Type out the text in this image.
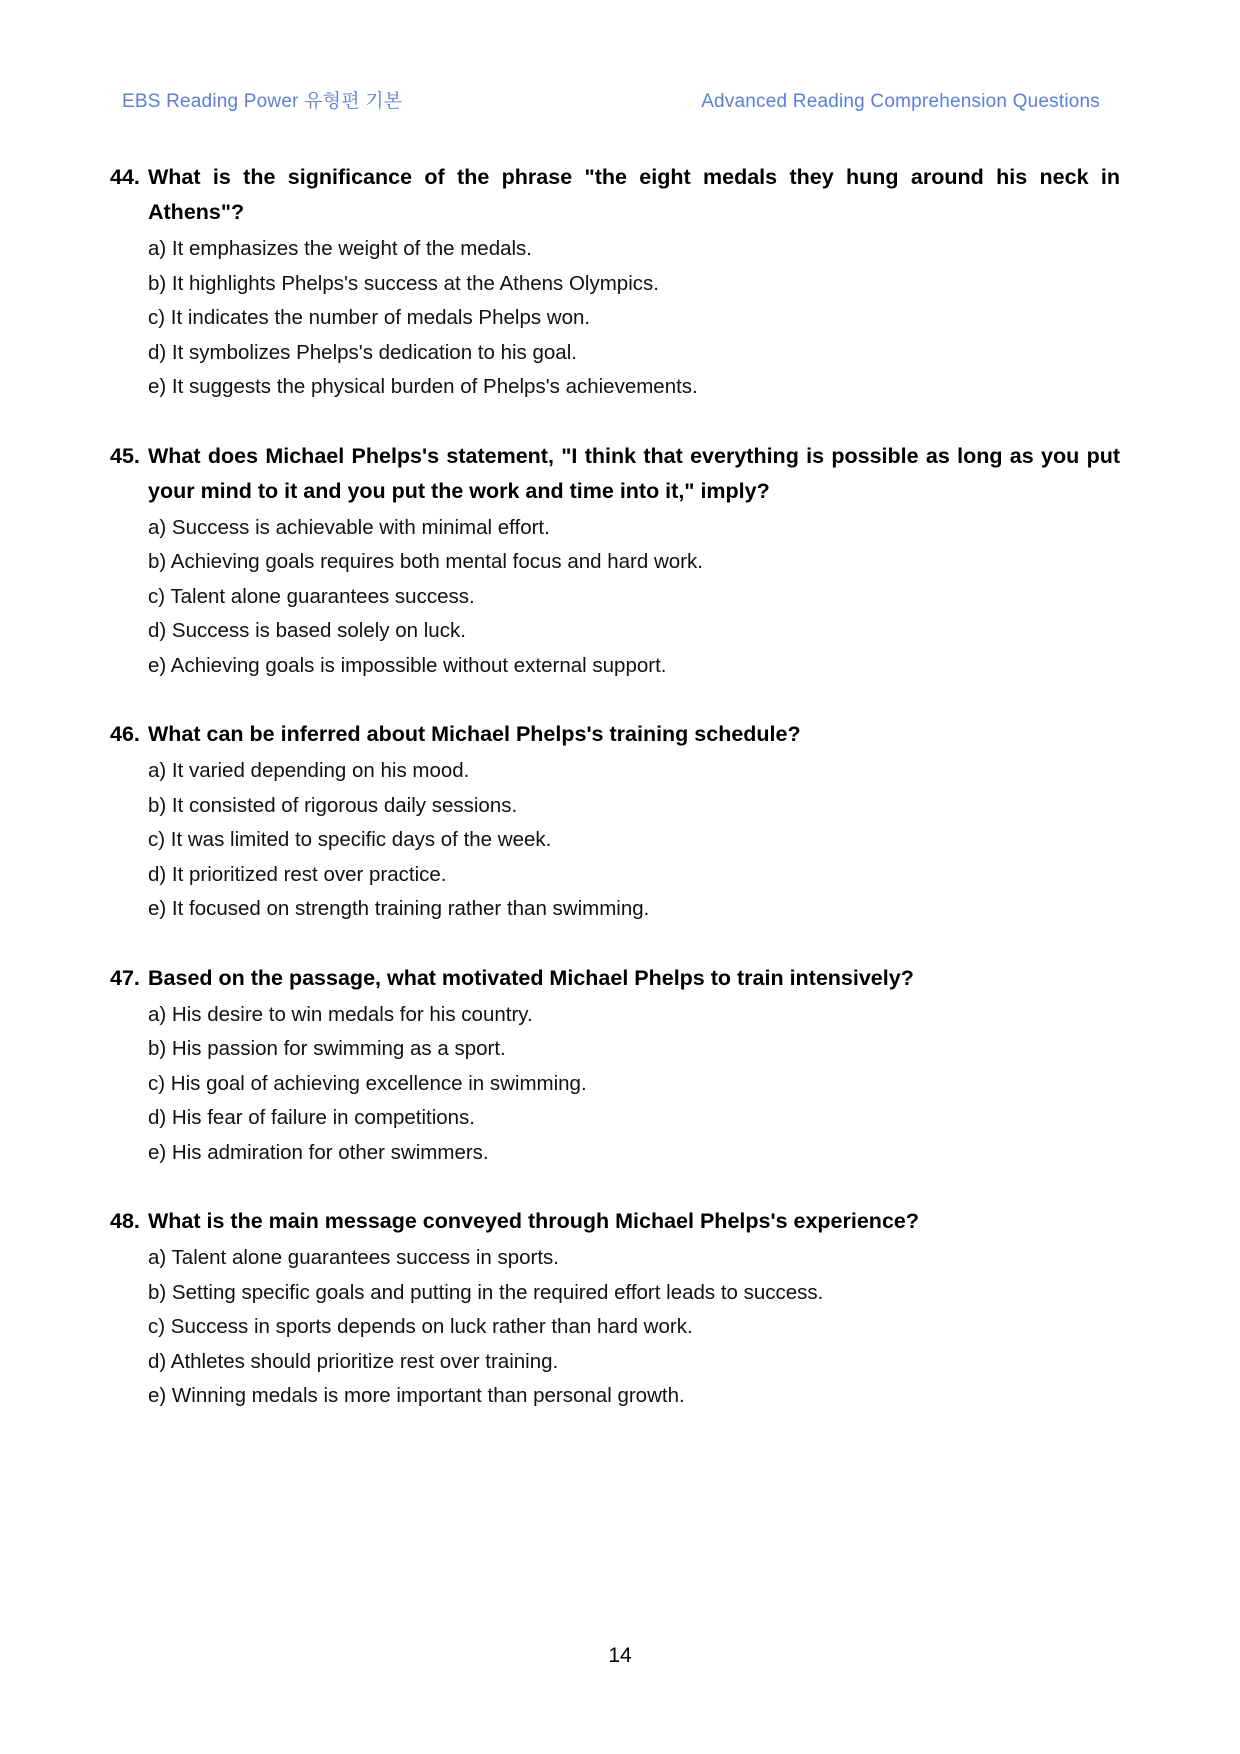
EBS Reading Power 유형편 기본	Advanced Reading Comprehension Questions
44. What is the significance of the phrase "the eight medals they hung around his neck in Athens"?
a) It emphasizes the weight of the medals.
b) It highlights Phelps's success at the Athens Olympics.
c) It indicates the number of medals Phelps won.
d) It symbolizes Phelps's dedication to his goal.
e) It suggests the physical burden of Phelps's achievements.
45. What does Michael Phelps's statement, "I think that everything is possible as long as you put your mind to it and you put the work and time into it," imply?
a) Success is achievable with minimal effort.
b) Achieving goals requires both mental focus and hard work.
c) Talent alone guarantees success.
d) Success is based solely on luck.
e) Achieving goals is impossible without external support.
46. What can be inferred about Michael Phelps's training schedule?
a) It varied depending on his mood.
b) It consisted of rigorous daily sessions.
c) It was limited to specific days of the week.
d) It prioritized rest over practice.
e) It focused on strength training rather than swimming.
47. Based on the passage, what motivated Michael Phelps to train intensively?
a) His desire to win medals for his country.
b) His passion for swimming as a sport.
c) His goal of achieving excellence in swimming.
d) His fear of failure in competitions.
e) His admiration for other swimmers.
48. What is the main message conveyed through Michael Phelps's experience?
a) Talent alone guarantees success in sports.
b) Setting specific goals and putting in the required effort leads to success.
c) Success in sports depends on luck rather than hard work.
d) Athletes should prioritize rest over training.
e) Winning medals is more important than personal growth.
14
